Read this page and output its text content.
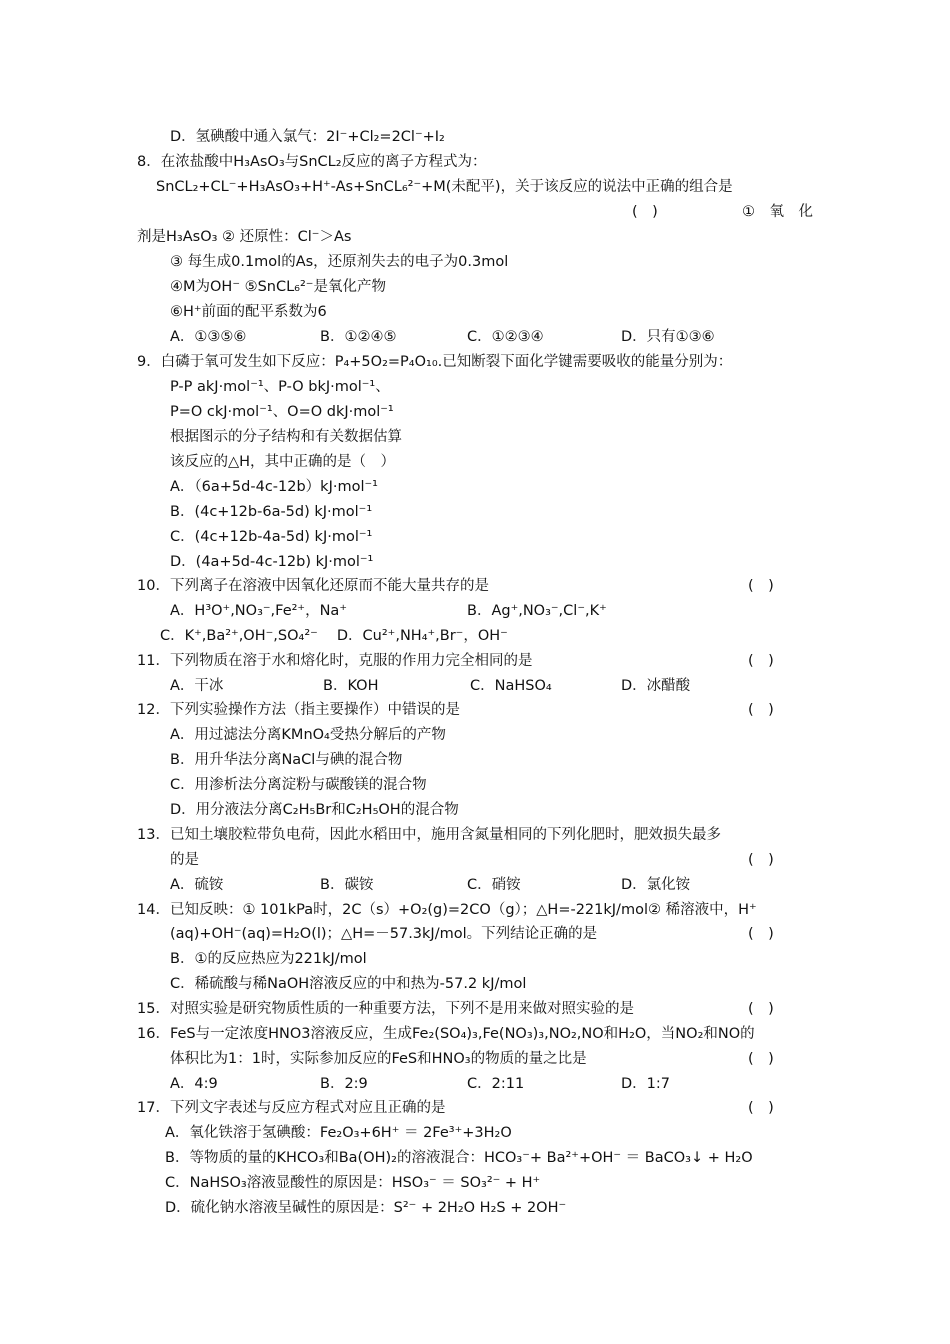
D．氢碘酸中通入氯气：2I⁻+Cl₂=2Cl⁻+I₂
8．在浓盐酸中H₃AsO₃与SnCL₂反应的离子方程式为：
SnCL₂+CL⁻+H₃AsO₃+H⁺-As+SnCL₆²⁻+M(未配平)，关于该反应的说法中正确的组合是
(　)	①　氧　化
剂是H₃AsO₃ ② 还原性：Cl⁻＞As
③ 每生成0.1mol的As，还原剂失去的电子为0.3mol
④M为OH⁻ ⑤SnCL₆²⁻是氧化产物
⑥H⁺前面的配平系数为6
A．①③⑤⑥	B．①②④⑤	C．①②③④	D．只有①③⑥
9．白磷于氧可发生如下反应：P₄+5O₂=P₄O₁₀.已知断裂下面化学键需要吸收的能量分别为：
P-P akJ·mol⁻¹、P-O bkJ·mol⁻¹、
P=O ckJ·mol⁻¹、O=O dkJ·mol⁻¹
根据图示的分子结构和有关数据估算
该反应的△H，其中正确的是（　）
A．（6a+5d-4c-12b）kJ·mol⁻¹
B．(4c+12b-6a-5d) kJ·mol⁻¹
C．(4c+12b-4a-5d) kJ·mol⁻¹
D．(4a+5d-4c-12b) kJ·mol⁻¹
10．下列离子在溶液中因氧化还原而不能大量共存的是	(　)
A．H³O⁺,NO₃⁻,Fe²⁺，Na⁺	B．Ag⁺,NO₃⁻,Cl⁻,K⁺
C．K⁺,Ba²⁺,OH⁻,SO₄²⁻　 D．Cu²⁺,NH₄⁺,Br⁻，OH⁻
11．下列物质在溶于水和熔化时，克服的作用力完全相同的是	(　)
A．干冰	B．KOH	C．NaHSO₄	D．冰醋酸
12．下列实验操作方法（指主要操作）中错误的是	(　)
A．用过滤法分离KMnO₄受热分解后的产物
B．用升华法分离NaCl与碘的混合物
C．用渗析法分离淀粉与碳酸镁的混合物
D．用分液法分离C₂H₅Br和C₂H₅OH的混合物
13．已知土壤胶粒带负电荷，因此水稻田中，施用含氮量相同的下列化肥时，肥效损失最多
的是	(　)
A．硫铵	B．碳铵	C．硝铵	D．氯化铵
14．已知反映：① 101kPa时，2C（s）+O₂(g)=2CO（g）；△H=-221kJ/mol② 稀溶液中，H⁺
(aq)+OH⁻(aq)=H₂O(l)；△H=－57.3kJ/mol。下列结论正确的是	(　)
B．①的反应热应为221kJ/mol
C．稀硫酸与稀NaOH溶液反应的中和热为-57.2 kJ/mol
15．对照实验是研究物质性质的一种重要方法，下列不是用来做对照实验的是	(　)
16．FeS与一定浓度HNO3溶液反应，生成Fe₂(SO₄)₃,Fe(NO₃)₃,NO₂,NO和H₂O，当NO₂和NO的
体积比为1：1时，实际参加反应的FeS和HNO₃的物质的量之比是	(　)
A．4:9	B．2:9	C．2:11	D．1:7
17．下列文字表述与反应方程式对应且正确的是	(　)
A．氧化铁溶于氢碘酸：Fe₂O₃+6H⁺ ＝ 2Fe³⁺+3H₂O
B．等物质的量的KHCO₃和Ba(OH)₂的溶液混合：HCO₃⁻+ Ba²⁺+OH⁻ ＝ BaCO₃↓ + H₂O
C．NaHSO₃溶液显酸性的原因是：HSO₃⁻ ＝ SO₃²⁻ + H⁺
D．硫化钠水溶液呈碱性的原因是：S²⁻ + 2H₂O H₂S + 2OH⁻
